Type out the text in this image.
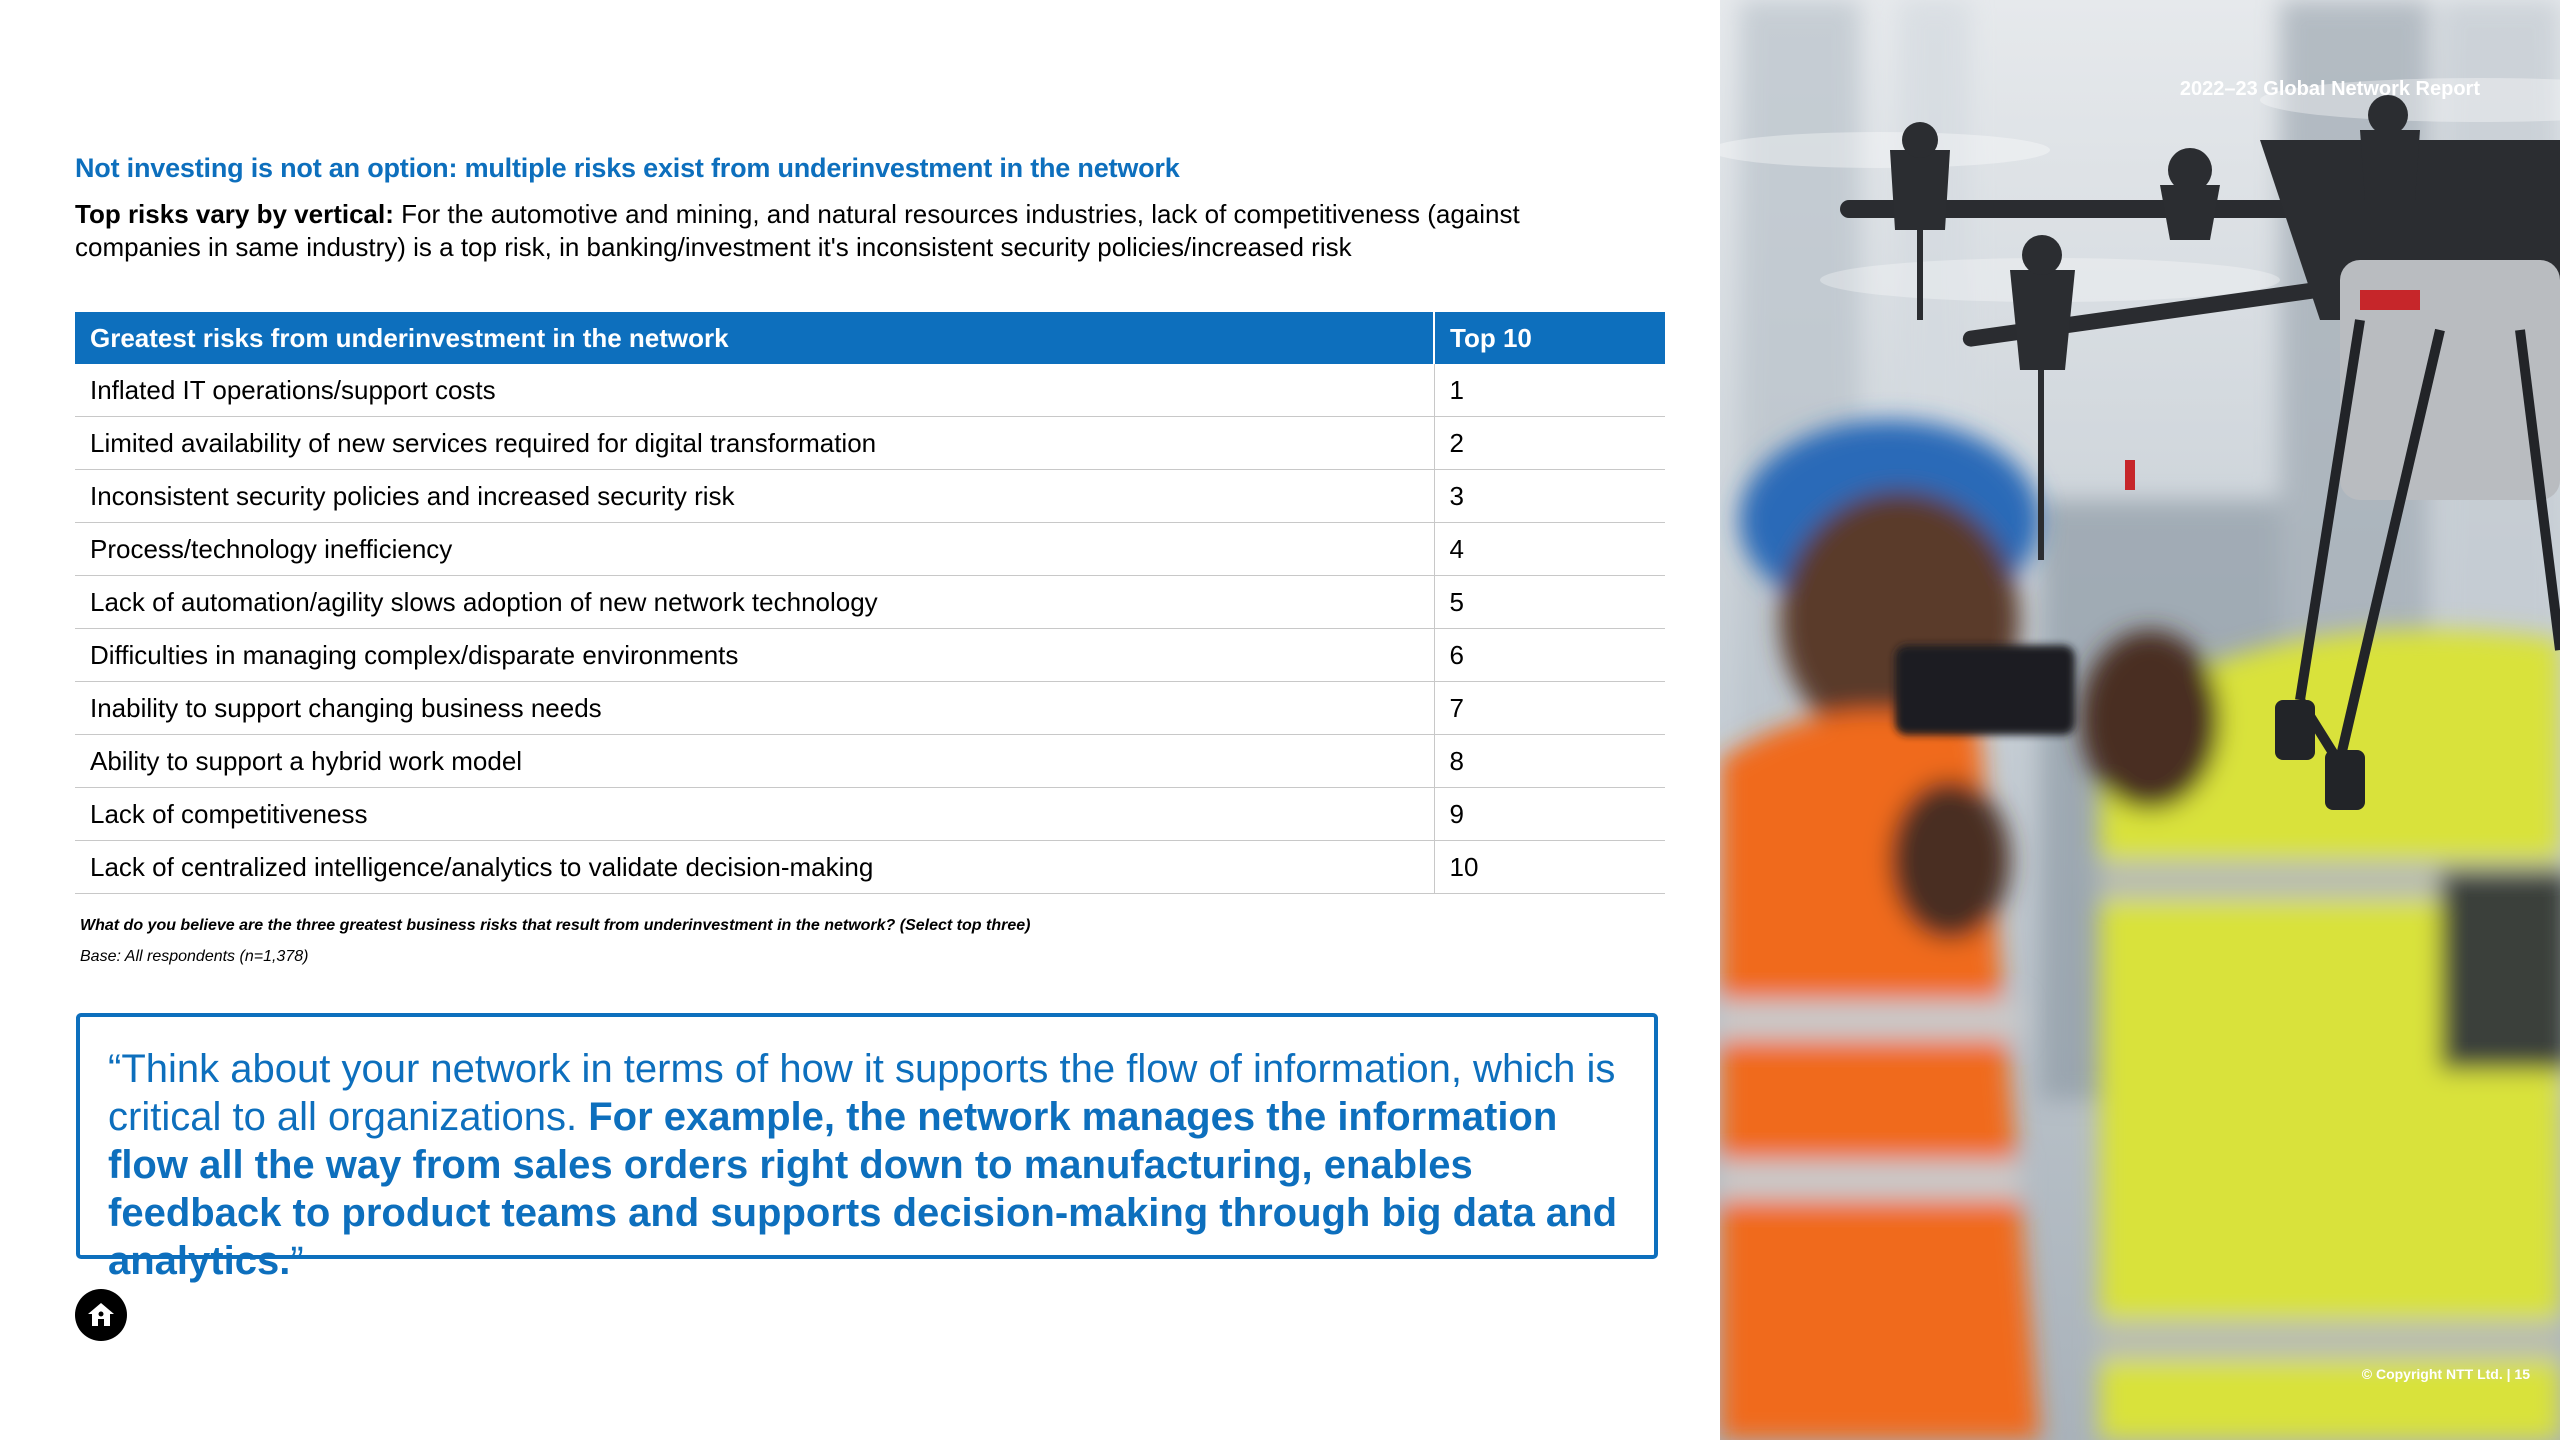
Not investing is not an option: multiple risks exist from underinvestment in the network
Top risks vary by vertical: For the automotive and mining, and natural resources industries, lack of competitiveness (against companies in same industry) is a top risk, in banking/investment it's inconsistent security policies/increased risk
Greatest risks from underinvestment in the network	Top 10
Inflated IT operations/support costs	1
Limited availability of new services required for digital transformation	2
Inconsistent security policies and increased security risk	3
Process/technology inefficiency	4
Lack of automation/agility slows adoption of new network technology	5
Difficulties in managing complex/disparate environments	6
Inability to support changing business needs	7
Ability to support a hybrid work model	8
Lack of competitiveness	9
Lack of centralized intelligence/analytics to validate decision-making	10
What do you believe are the three greatest business risks that result from underinvestment in the network? (Select top three)
Base: All respondents (n=1,378)
“Think about your network in terms of how it supports the flow of information, which is critical to all organizations. For example, the network manages the information flow all the way from sales orders right down to manufacturing, enables feedback to product teams and supports decision-making through big data and analytics.”
2022–23 Global Network Report
© Copyright NTT Ltd. | 15
